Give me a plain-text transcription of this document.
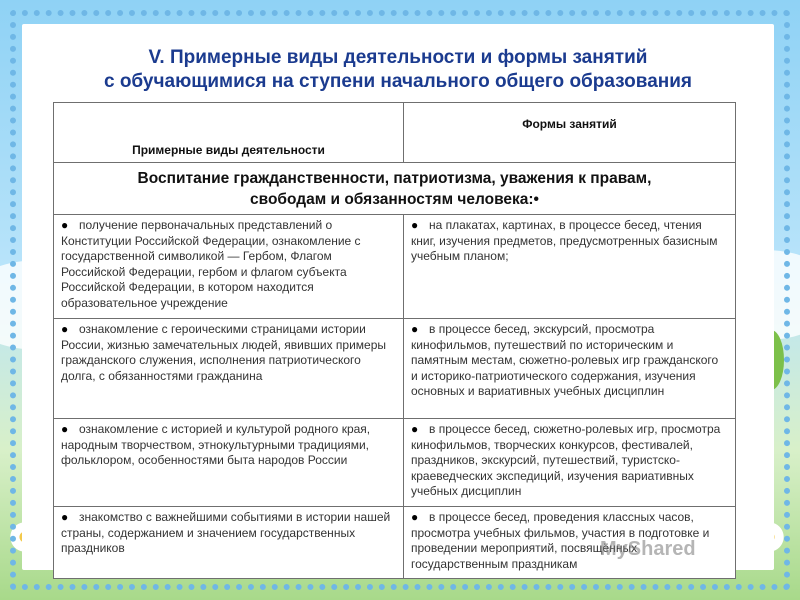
V. Примерные виды деятельности и формы занятий
с обучающимися на ступени начального общего образования
Примерные виды деятельности	Формы занятий

Воспитание гражданственности, патриотизма, уважения к правам,
свободам и обязанностям человека:•	

● получение первоначальных представлений о Конституции Российской Федерации, ознакомление с государственной символикой — Гербом, Флагом Российской Федерации, гербом и флагом субъекта Российской Федерации, в котором находится образовательное учреждение	● на плакатах, картинах, в процессе бесед, чтения книг, изучения предметов, предусмотренных базисным учебным планом;
● ознакомление с героическими страницами истории России, жизнью замечательных людей, явивших примеры гражданского служения, исполнения патриотического долга, с обязанностями гражданина	● в процессе бесед, экскурсий, просмотра кинофильмов, путешествий по историческим и памятным местам, сюжетно-ролевых игр гражданского и историко-патриотического содержания, изучения основных и вариативных учебных дисциплин
● ознакомление с историей и культурой родного края, народным творчеством, этнокультурными традициями, фольклором, особенностями быта народов России	● в процессе бесед, сюжетно-ролевых игр, просмотра кинофильмов, творческих конкурсов, фестивалей, праздников, экскурсий, путешествий, туристско-краеведческих экспедиций, изучения вариативных учебных дисциплин
● знакомство с важнейшими событиями в истории нашей страны, содержанием и значением государственных праздников	● в процессе бесед, проведения классных часов, просмотра учебных фильмов, участия в подготовке и проведении мероприятий, посвящённых государственным праздникам
MyShared
